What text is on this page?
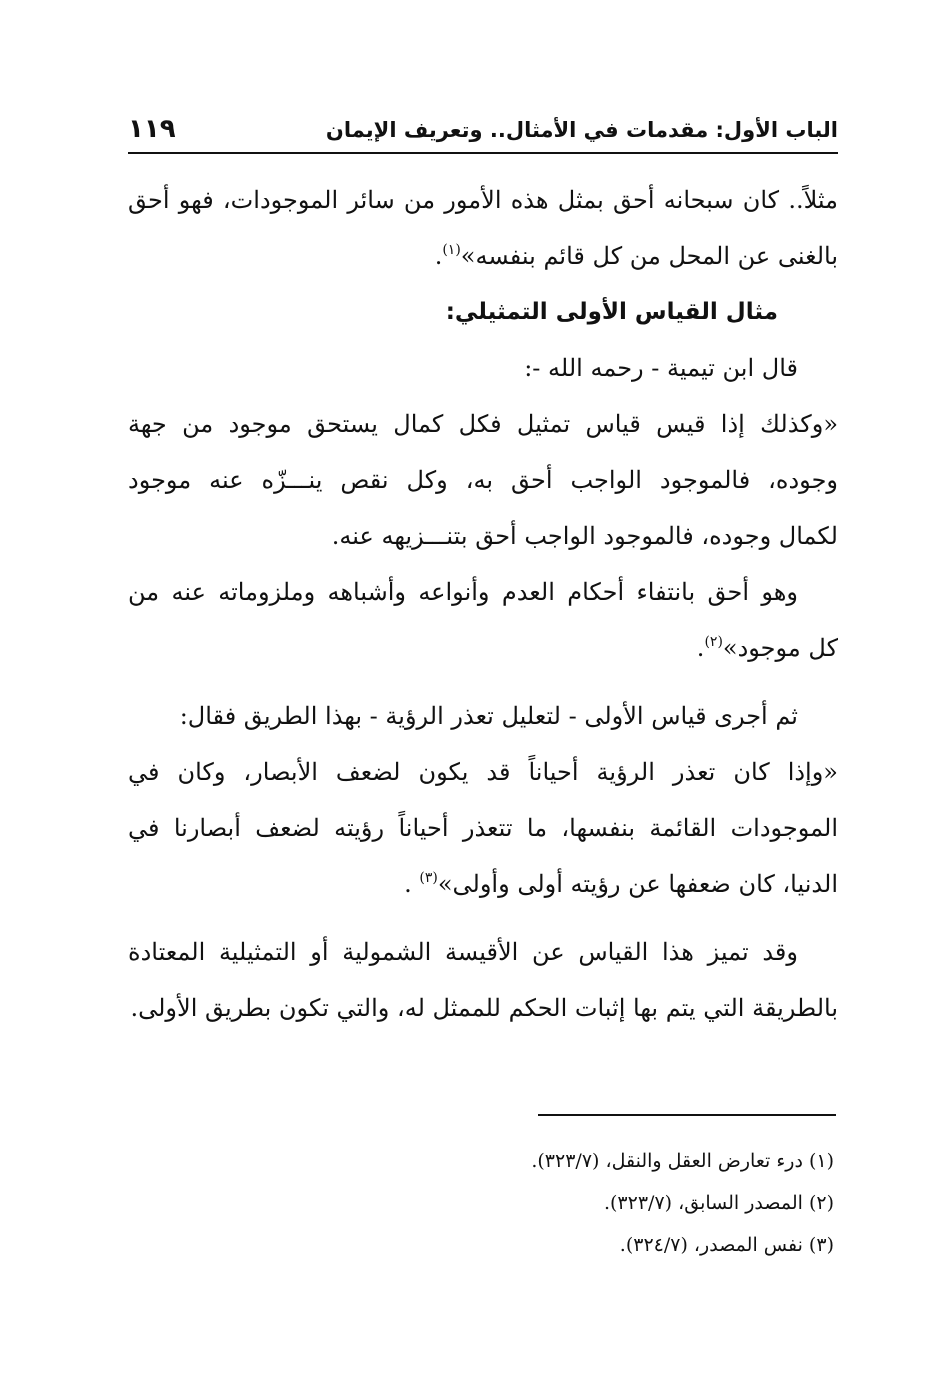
الباب الأول: مقدمات في الأمثال.. وتعريف الإيمان
١١٩
مثلاً.. كان سبحانه أحق بمثل هذه الأمور من سائر الموجودات، فهو أحق
بالغنى عن المحل من كل قائم بنفسه»$^{(١)}$.
مثال القياس الأولى التمثيلي:
قال ابن تيمية - رحمه الله -:
«وكذلك إذا قيس قياس تمثيل فكل كمال يستحق موجود من جهة
وجوده، فالموجود الواجب أحق به، وكل نقص ينـــزّه عنه موجود
لكمال وجوده، فالموجود الواجب أحق بتنـــزيهه عنه.
وهو أحق بانتفاء أحكام العدم وأنواعه وأشباهه وملزوماته عنه من
كل موجود»$^{(٢)}$.
ثم أجرى قياس الأولى - لتعليل تعذر الرؤية - بهذا الطريق فقال:
«وإذا كان تعذر الرؤية أحياناً قد يكون لضعف الأبصار، وكان في
الموجودات القائمة بنفسها، ما تتعذر أحياناً رؤيته لضعف أبصارنا في
الدنيا، كان ضعفها عن رؤيته أولى وأولى»$^{(٣)}$ .
وقد تميز هذا القياس عن الأقيسة الشمولية أو التمثيلية المعتادة
بالطريقة التي يتم بها إثبات الحكم للممثل له، والتي تكون بطريق الأولى.
(١) درء تعارض العقل والنقل، (٣٢٣/٧).
(٢) المصدر السابق، (٣٢٣/٧).
(٣) نفس المصدر، (٣٢٤/٧).
